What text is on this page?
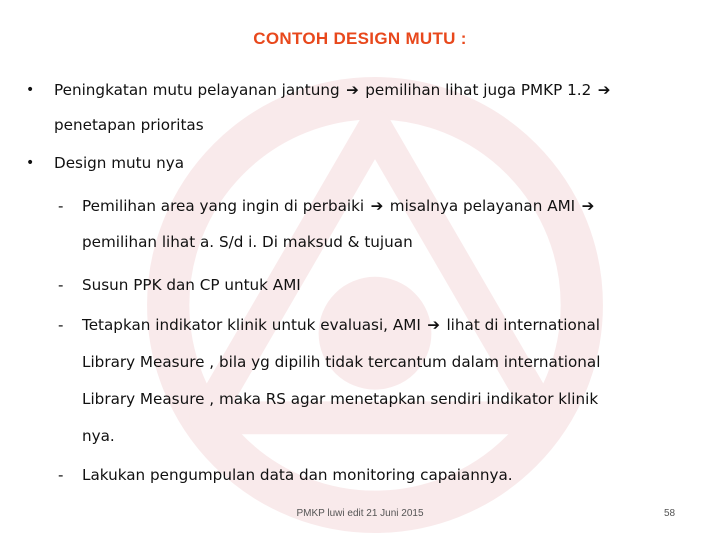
CONTOH DESIGN MUTU :
• Peningkatan mutu pelayanan jantung ➔ pemilihan lihat juga PMKP 1.2 ➔
penetapan prioritas
• Design mutu nya
- Pemilihan area yang ingin di perbaiki ➔ misalnya pelayanan AMI ➔
pemilihan lihat a. S/d i. Di maksud & tujuan
- Susun PPK dan CP untuk AMI
- Tetapkan indikator klinik untuk evaluasi, AMI ➔ lihat di international
Library Measure , bila yg dipilih tidak tercantum dalam international
Library Measure , maka RS agar menetapkan sendiri indikator klinik
nya.
- Lakukan pengumpulan data dan monitoring capaiannya.
PMKP luwi edit 21 Juni 2015	58
